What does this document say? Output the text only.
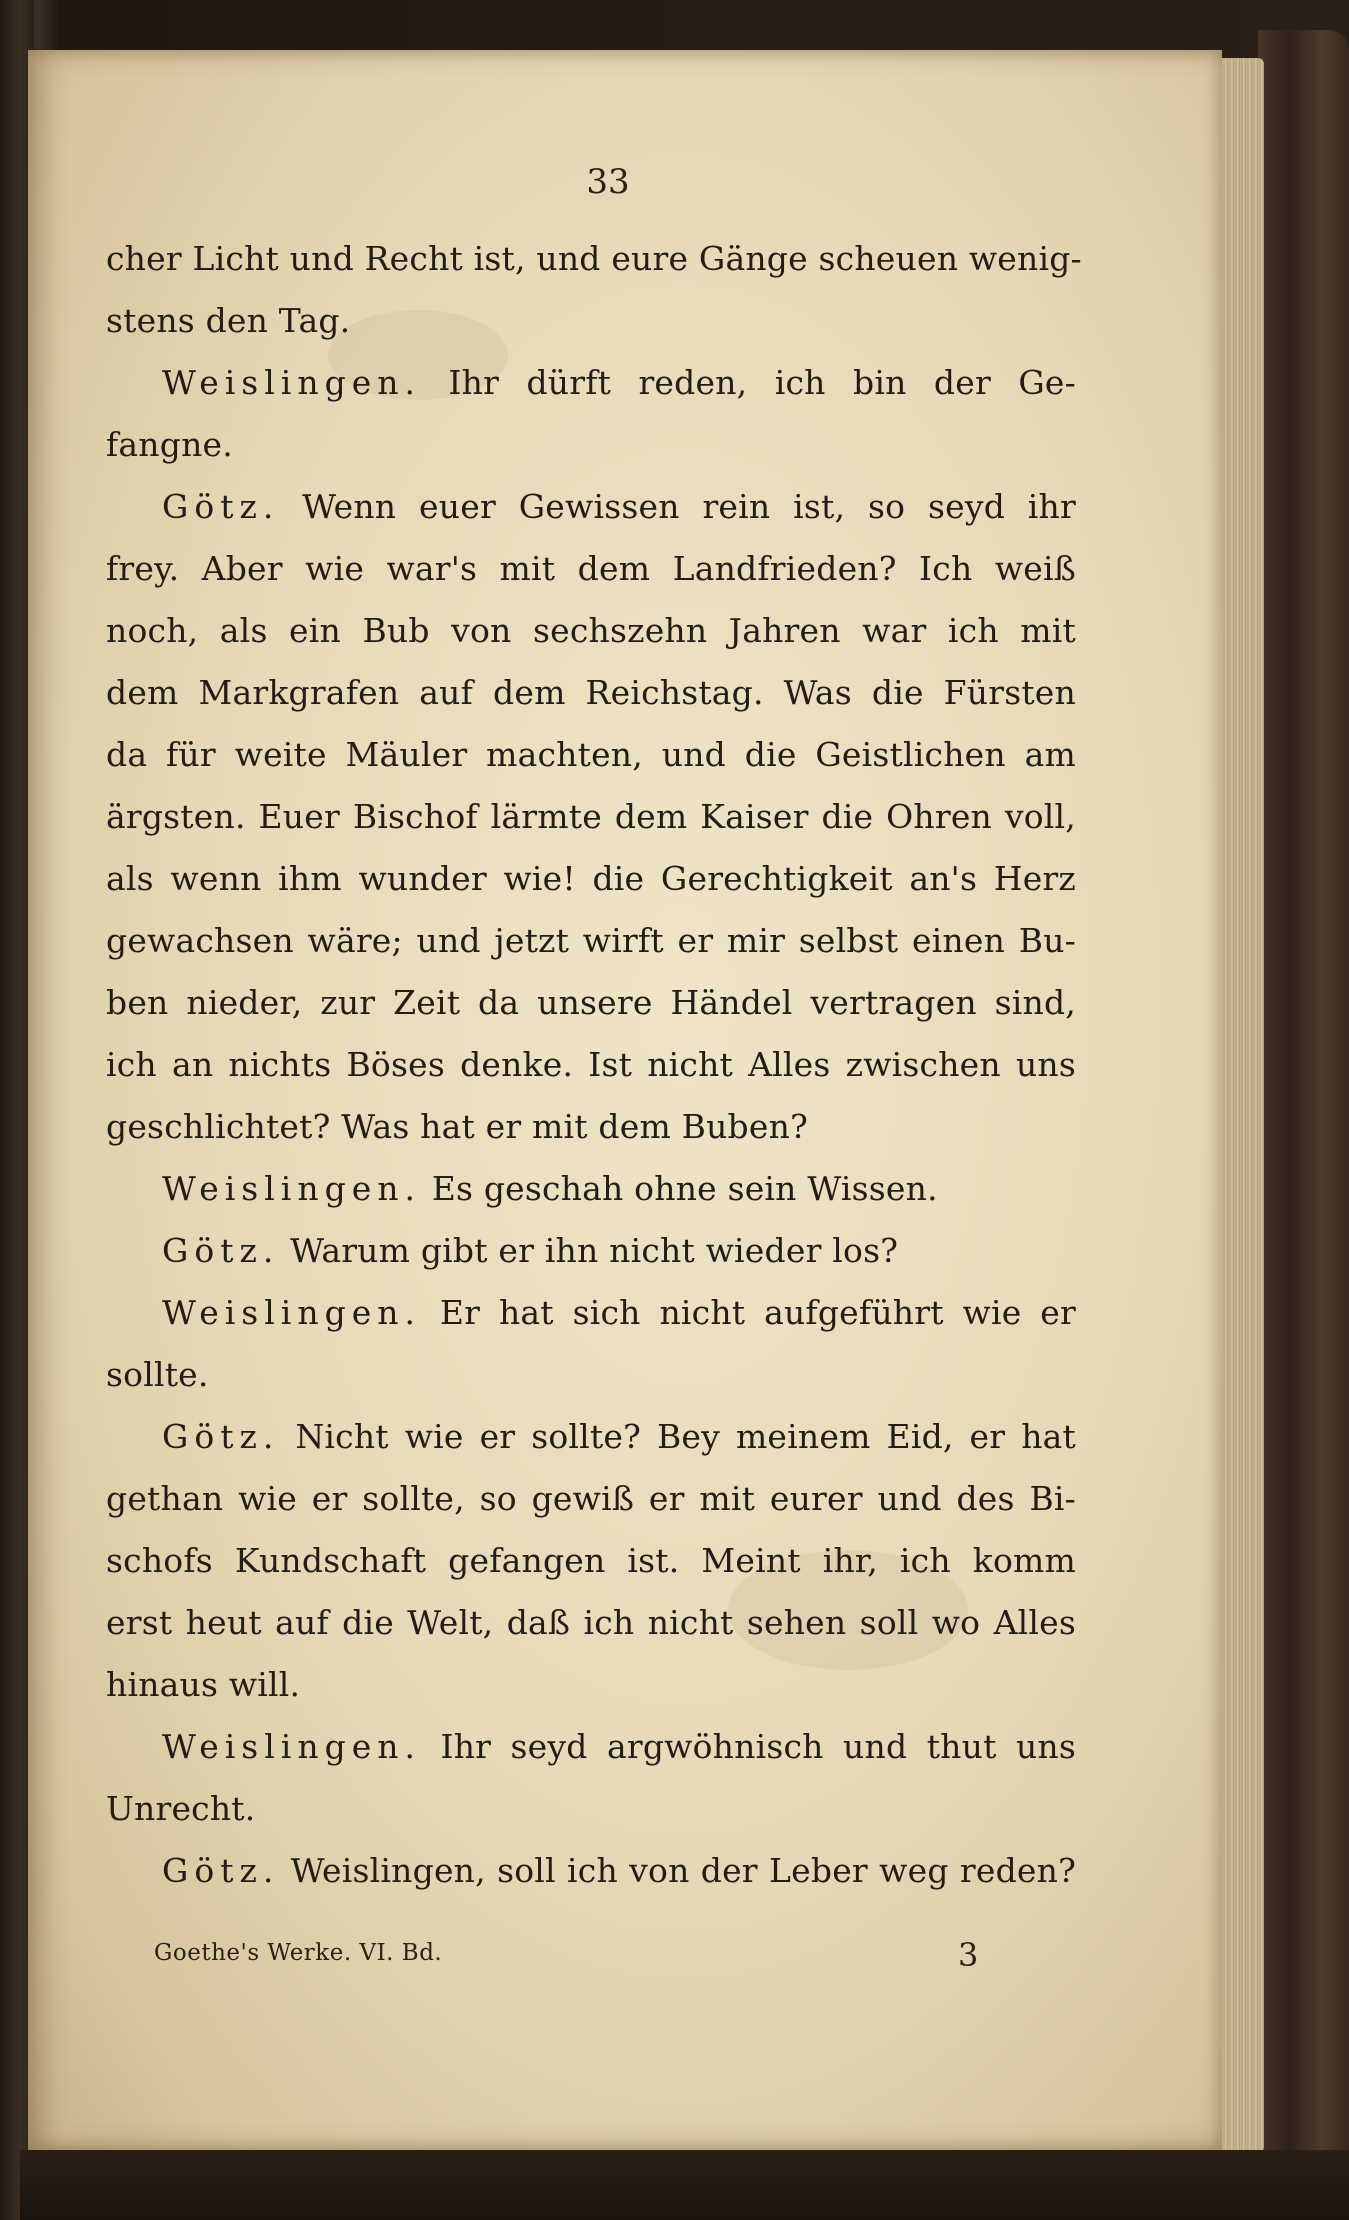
33
cher Licht und Recht ist, und eure Gänge scheuen wenig-
stens den Tag.
Weislingen. Ihr dürft reden, ich bin der Ge-
fangne.
Götz. Wenn euer Gewissen rein ist, so seyd ihr
frey. Aber wie war's mit dem Landfrieden? Ich weiß
noch, als ein Bub von sechszehn Jahren war ich mit
dem Markgrafen auf dem Reichstag. Was die Fürsten
da für weite Mäuler machten, und die Geistlichen am
ärgsten. Euer Bischof lärmte dem Kaiser die Ohren voll,
als wenn ihm wunder wie! die Gerechtigkeit an's Herz
gewachsen wäre; und jetzt wirft er mir selbst einen Bu-
ben nieder, zur Zeit da unsere Händel vertragen sind,
ich an nichts Böses denke. Ist nicht Alles zwischen uns
geschlichtet? Was hat er mit dem Buben?
Weislingen. Es geschah ohne sein Wissen.
Götz. Warum gibt er ihn nicht wieder los?
Weislingen. Er hat sich nicht aufgeführt wie er
sollte.
Götz. Nicht wie er sollte? Bey meinem Eid, er hat
gethan wie er sollte, so gewiß er mit eurer und des Bi-
schofs Kundschaft gefangen ist. Meint ihr, ich komm
erst heut auf die Welt, daß ich nicht sehen soll wo Alles
hinaus will.
Weislingen. Ihr seyd argwöhnisch und thut uns
Unrecht.
Götz. Weislingen, soll ich von der Leber weg reden?
Goethe's Werke. VI. Bd.	3
